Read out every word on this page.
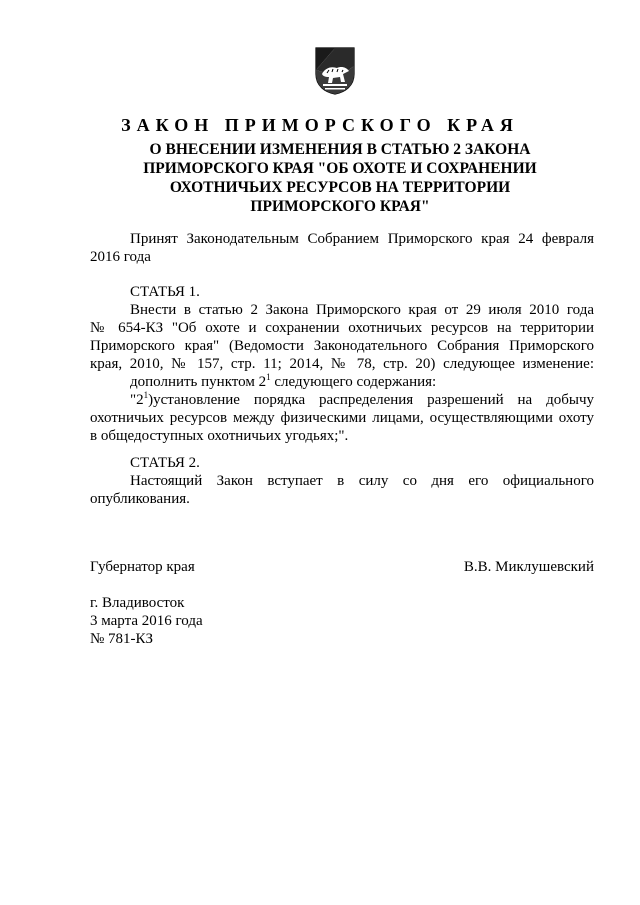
ЗАКОН ПРИМОРСКОГО КРАЯ
О ВНЕСЕНИИ ИЗМЕНЕНИЯ В СТАТЬЮ 2 ЗАКОНА
ПРИМОРСКОГО КРАЯ "ОБ ОХОТЕ И СОХРАНЕНИИ
ОХОТНИЧЬИХ РЕСУРСОВ НА ТЕРРИТОРИИ
ПРИМОРСКОГО КРАЯ"
Принят Законодательным Собранием Приморского края 24 февраля
2016 года
СТАТЬЯ 1.
Внести в статью 2 Закона Приморского края от 29 июля 2010 года
№ 654-КЗ "Об охоте и сохранении охотничьих ресурсов на территории
Приморского края" (Ведомости Законодательного Собрания Приморского
края, 2010, № 157, стр. 11; 2014, № 78, стр. 20) следующее изменение:
дополнить пунктом $2^1$ следующего содержания:
"$2^1)установление$ порядка распределения разрешений на добычу
охотничьих ресурсов между физическими лицами, осуществляющими охоту
в общедоступных охотничьих угодьях;".
СТАТЬЯ 2.
Настоящий Закон вступает в силу со дня его официального
опубликования.
Губернатор края	В.В. Миклушевский
г. Владивосток
3 марта 2016 года
№ 781-КЗ
